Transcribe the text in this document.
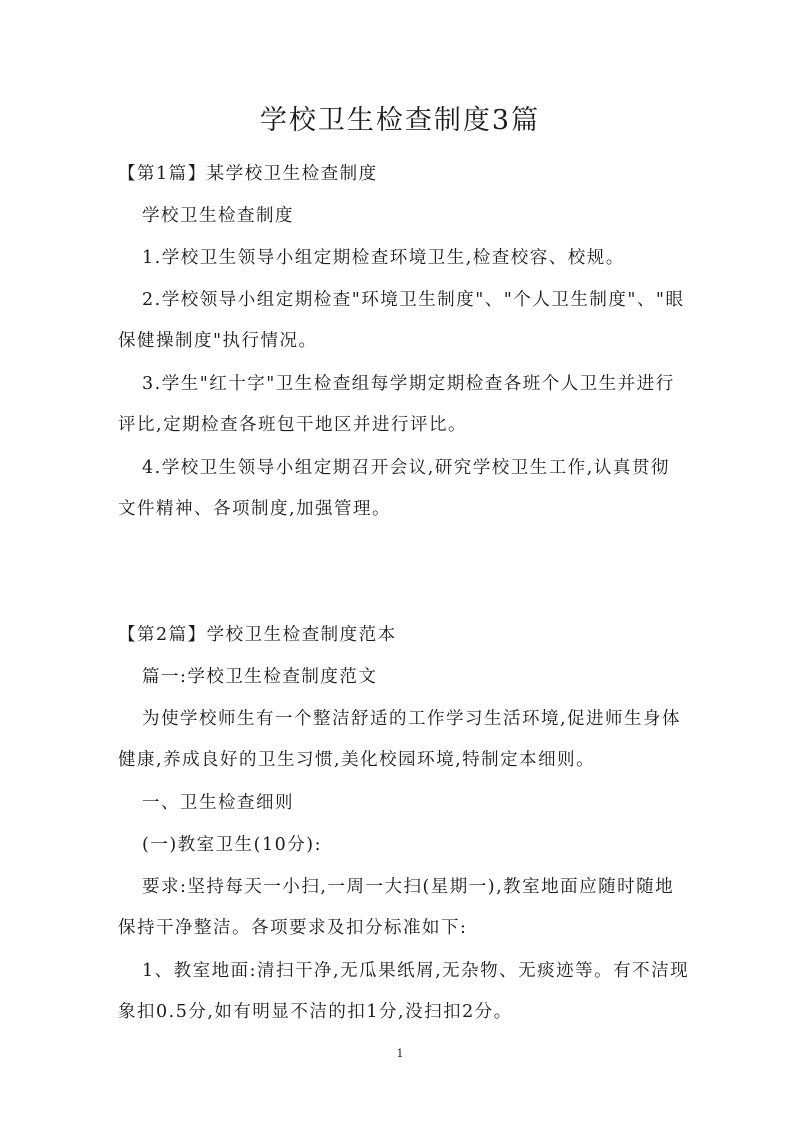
学校卫生检查制度3篇
【第1篇】某学校卫生检查制度
学校卫生检查制度
1.学校卫生领导小组定期检查环境卫生,检查校容、校规。
2.学校领导小组定期检查"环境卫生制度"、"个人卫生制度"、"眼
保健操制度"执行情况。
3.学生"红十字"卫生检查组每学期定期检查各班个人卫生并进行
评比,定期检查各班包干地区并进行评比。
4.学校卫生领导小组定期召开会议,研究学校卫生工作,认真贯彻
文件精神、各项制度,加强管理。
【第2篇】学校卫生检查制度范本
篇一:学校卫生检查制度范文
为使学校师生有一个整洁舒适的工作学习生活环境,促进师生身体
健康,养成良好的卫生习惯,美化校园环境,特制定本细则。
一、卫生检查细则
(一)教室卫生(10分):
要求:坚持每天一小扫,一周一大扫(星期一),教室地面应随时随地
保持干净整洁。各项要求及扣分标准如下:
1、教室地面:清扫干净,无瓜果纸屑,无杂物、无痰迹等。有不洁现
象扣0.5分,如有明显不洁的扣1分,没扫扣2分。
1
